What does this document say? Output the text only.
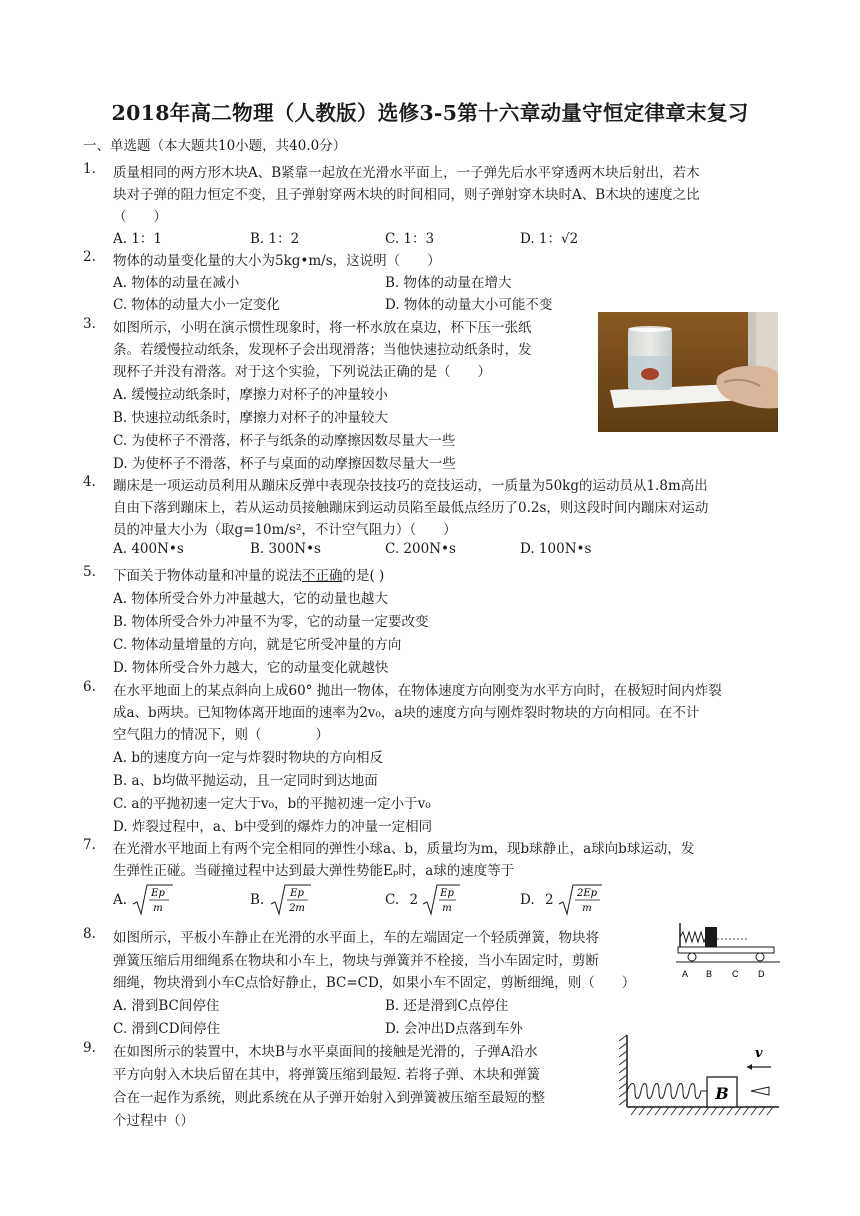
2018年高二物理（人教版）选修3-5第十六章动量守恒定律章末复习
一、单选题（本大题共10小题，共40.0分）
1. 质量相同的两方形木块A、B紧靠一起放在光滑水平面上，一子弹先后水平穿透两木块后射出，若木
块对子弹的阻力恒定不变，且子弹射穿两木块的时间相同，则子弹射穿木块时A、B木块的速度之比
（　　）
A. 1：1	B. 1：2	C. 1：3	D. 1：√2
2. 物体的动量变化量的大小为5kg•m/s，这说明（　　）
A. 物体的动量在减小	B. 物体的动量在增大
C. 物体的动量大小一定变化	D. 物体的动量大小可能不变
3. 如图所示，小明在演示惯性现象时，将一杯水放在桌边，杯下压一张纸
条。若缓慢拉动纸条，发现杯子会出现滑落；当他快速拉动纸条时，发
现杯子并没有滑落。对于这个实验，下列说法正确的是（　　）
A. 缓慢拉动纸条时，摩擦力对杯子的冲量较小
B. 快速拉动纸条时，摩擦力对杯子的冲量较大
C. 为使杯子不滑落，杯子与纸条的动摩擦因数尽量大一些
D. 为使杯子不滑落，杯子与桌面的动摩擦因数尽量大一些
4. 蹦床是一项运动员利用从蹦床反弹中表现杂技技巧的竞技运动，一质量为50kg的运动员从1.8m高出
自由下落到蹦床上，若从运动员接触蹦床到运动员陷至最低点经历了0.2s，则这段时间内蹦床对运动
员的冲量大小为（取g=10m/s²，不计空气阻力）（　　）
A. 400N•s	B. 300N•s	C. 200N•s	D. 100N•s
5. 下面关于物体动量和冲量的说法不正确的是( )
A. 物体所受合外力冲量越大，它的动量也越大
B. 物体所受合外力冲量不为零，它的动量一定要改变
C. 物体动量增量的方向，就是它所受冲量的方向
D. 物体所受合外力越大，它的动量变化就越快
6. 在水平地面上的某点斜向上成60° 抛出一物体，在物体速度方向刚变为水平方向时，在极短时间内炸裂
成a、b两块。已知物体离开地面的速率为2v₀，a块的速度方向与刚炸裂时物块的方向相同。在不计
空气阻力的情况下，则（　　　　）
A. b的速度方向一定与炸裂时物块的方向相反
B. a、b均做平抛运动，且一定同时到达地面
C. a的平抛初速一定大于v₀，b的平抛初速一定小于v₀
D. 炸裂过程中，a、b中受到的爆炸力的冲量一定相同
7. 在光滑水平地面上有两个完全相同的弹性小球a、b，质量均为m，现b球静止，a球向b球运动，发
生弹性正碰。当碰撞过程中达到最大弹性势能Eₚ时，a球的速度等于
A. Ep
m
B.	Ep
2m
C. 2 Ep
m
D. 2 2Ep
m
8. 如图所示，平板小车静止在光滑的水平面上，车的左端固定一个轻质弹簧，物块将
弹簧压缩后用细绳系在物块和小车上，物块与弹簧并不栓接，当小车固定时，剪断
细绳，物块滑到小车C点恰好静止，BC=CD，如果小车不固定，剪断细绳，则（　　）
A. 滑到BC间停住	B. 还是滑到C点停住
C. 滑到CD间停住	D. 会冲出D点落到车外
A B C D
9. 在如图所示的装置中，木块B与水平桌面间的接触是光滑的，子弹A沿水
平方向射入木块后留在其中，将弹簧压缩到最短. 若将子弹、木块和弹簧
合在一起作为系统，则此系统在从子弹开始射入到弹簧被压缩至最短的整
个过程中（）
B
v
